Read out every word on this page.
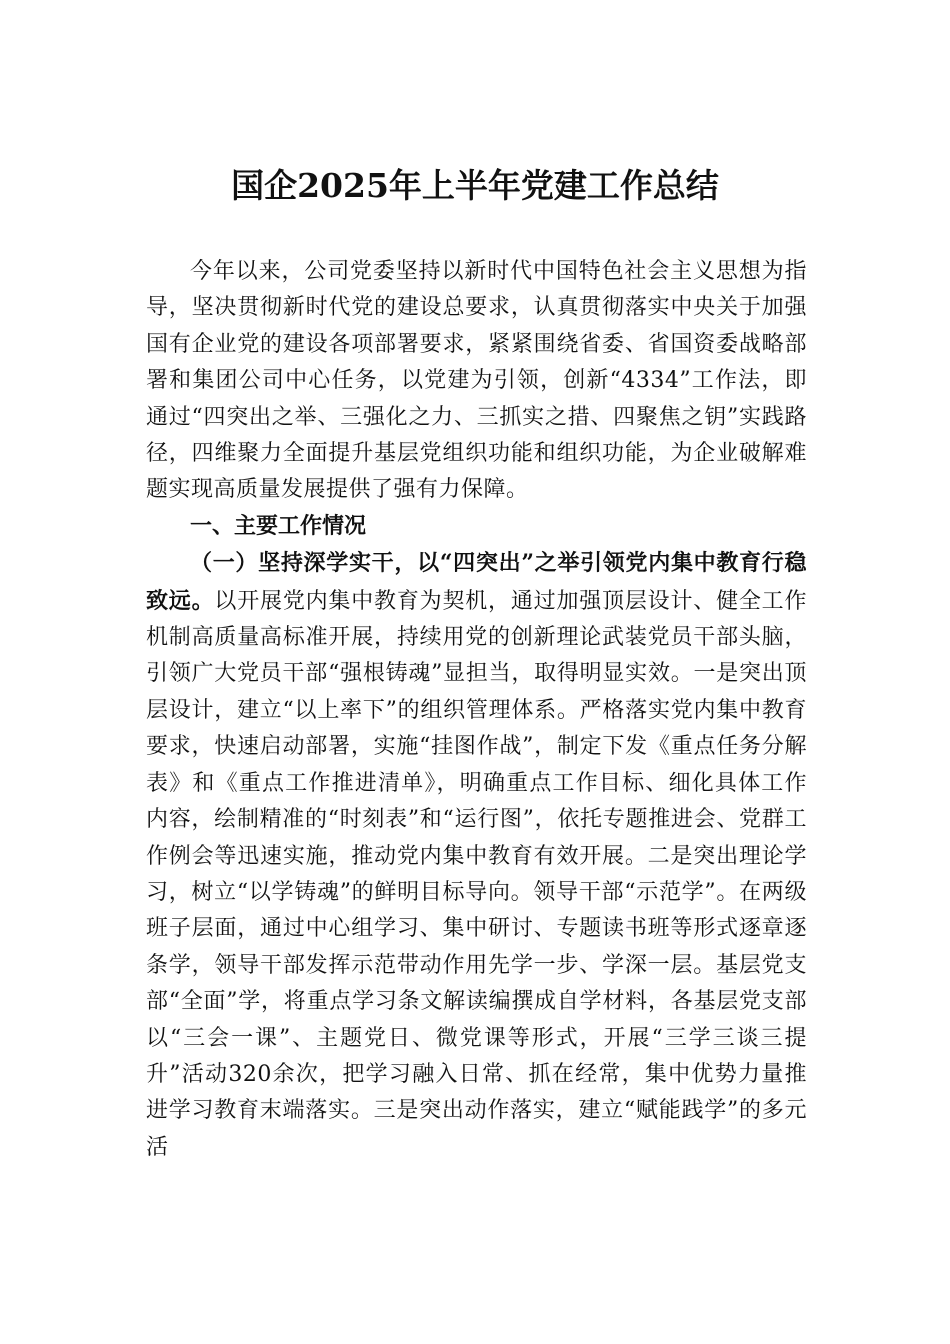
国企2025年上半年党建工作总结

今年以来，公司党委坚持以新时代中国特色社会主义思想为指导，坚决贯彻新时代党的建设总要求，认真贯彻落实中央关于加强国有企业党的建设各项部署要求，紧紧围绕省委、省国资委战略部署和集团公司中心任务，以党建为引领，创新“4334”工作法，即通过“四突出之举、三强化之力、三抓实之措、四聚焦之钥”实践路径，四维聚力全面提升基层党组织功能和组织功能，为企业破解难题实现高质量发展提供了强有力保障。

一、主要工作情况

（一）坚持深学实干，以“四突出”之举引领党内集中教育行稳致远。以开展党内集中教育为契机，通过加强顶层设计、健全工作机制高质量高标准开展，持续用党的创新理论武装党员干部头脑，引领广大党员干部“强根铸魂”显担当，取得明显实效。一是突出顶层设计，建立“以上率下”的组织管理体系。严格落实党内集中教育要求，快速启动部署，实施“挂图作战”，制定下发《重点任务分解表》和《重点工作推进清单》，明确重点工作目标、细化具体工作内容，绘制精准的“时刻表”和“运行图”，依托专题推进会、党群工作例会等迅速实施，推动党内集中教育有效开展。二是突出理论学习，树立“以学铸魂”的鲜明目标导向。领导干部“示范学”。在两级班子层面，通过中心组学习、集中研讨、专题读书班等形式逐章逐条学，领导干部发挥示范带动作用先学一步、学深一层。基层党支部“全面”学，将重点学习条文解读编撰成自学材料，各基层党支部以“三会一课”、主题党日、微党课等形式，开展“三学三谈三提升”活动320余次，把学习融入日常、抓在经常，集中优势力量推进学习教育末端落实。三是突出动作落实，建立“赋能践学”的多元活
